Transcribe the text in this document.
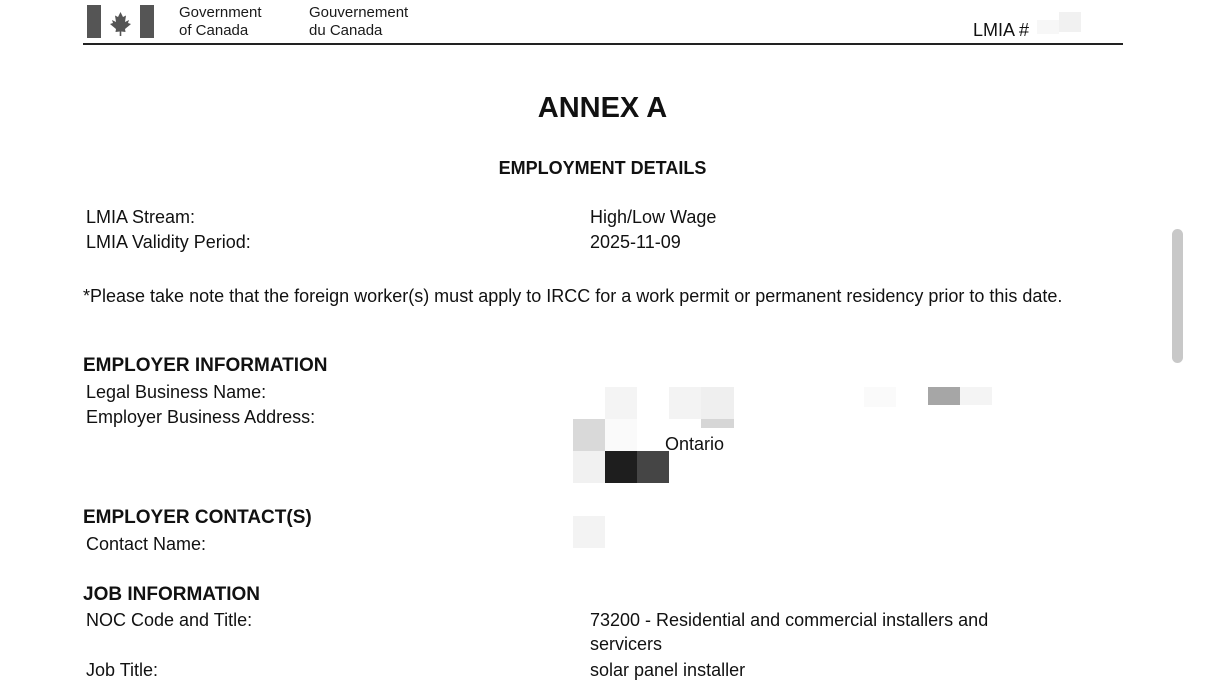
Government
of Canada
Gouvernement
du Canada	LMIA #
ANNEX A
EMPLOYMENT DETAILS
LMIA Stream:	High/Low Wage
LMIA Validity Period:	2025-11-09
*Please take note that the foreign worker(s) must apply to IRCC for a work permit or permanent residency prior to this date.
EMPLOYER INFORMATION
Legal Business Name:
Employer Business Address:
Ontario
EMPLOYER CONTACT(S)
Contact Name:
JOB INFORMATION
NOC Code and Title:	73200 - Residential and commercial installers and
servicers
Job Title:	solar panel installer
